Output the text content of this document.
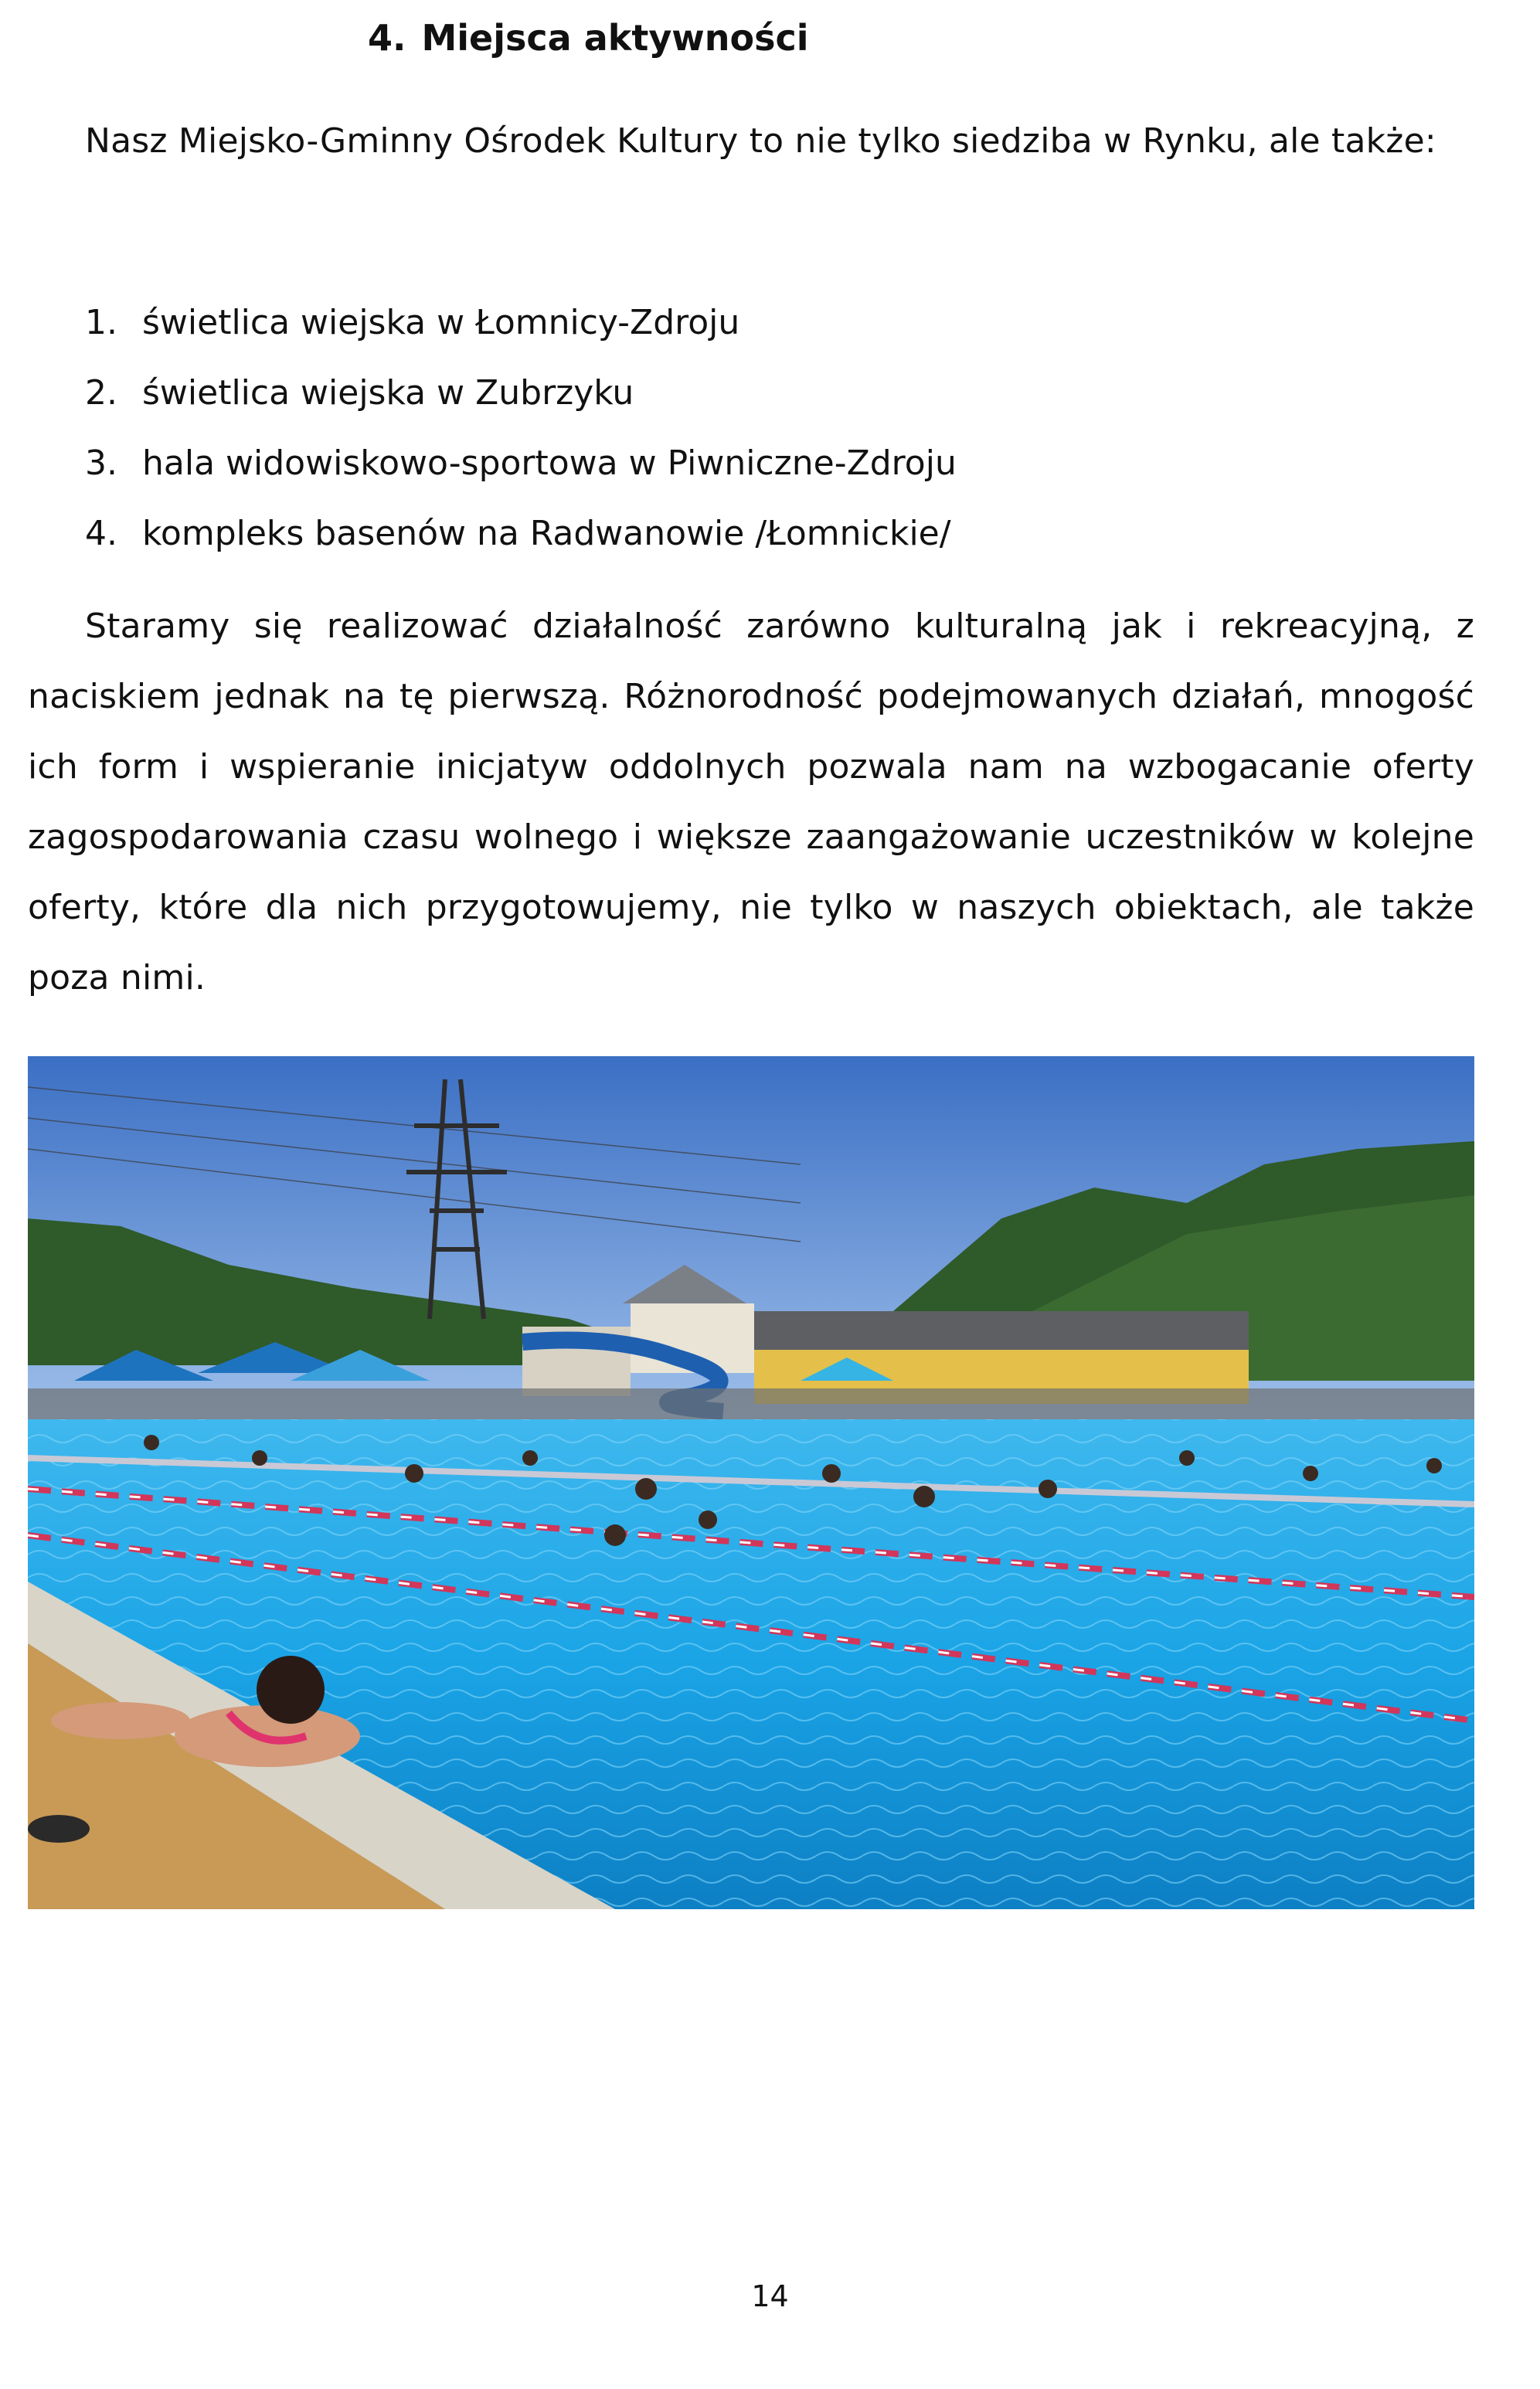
4. Miejsca aktywności

Nasz Miejsko-Gminny Ośrodek Kultury to nie tylko siedziba w Rynku, ale także:

1. świetlica wiejska w Łomnicy-Zdroju
2. świetlica wiejska w Zubrzyku
3. hala widowiskowo-sportowa w Piwniczne-Zdroju
4. kompleks basenów na Radwanowie /Łomnickie/

Staramy się realizować działalność zarówno kulturalną jak i rekreacyjną, z naciskiem jednak na tę pierwszą. Różnorodność podejmowanych działań, mnogość ich form i wspieranie inicjatyw oddolnych pozwala nam na wzbogacanie oferty zagospodarowania czasu wolnego i większe zaangażowanie uczestników w kolejne oferty, które dla nich przygotowujemy, nie tylko w naszych obiektach, ale także poza nimi.

14
